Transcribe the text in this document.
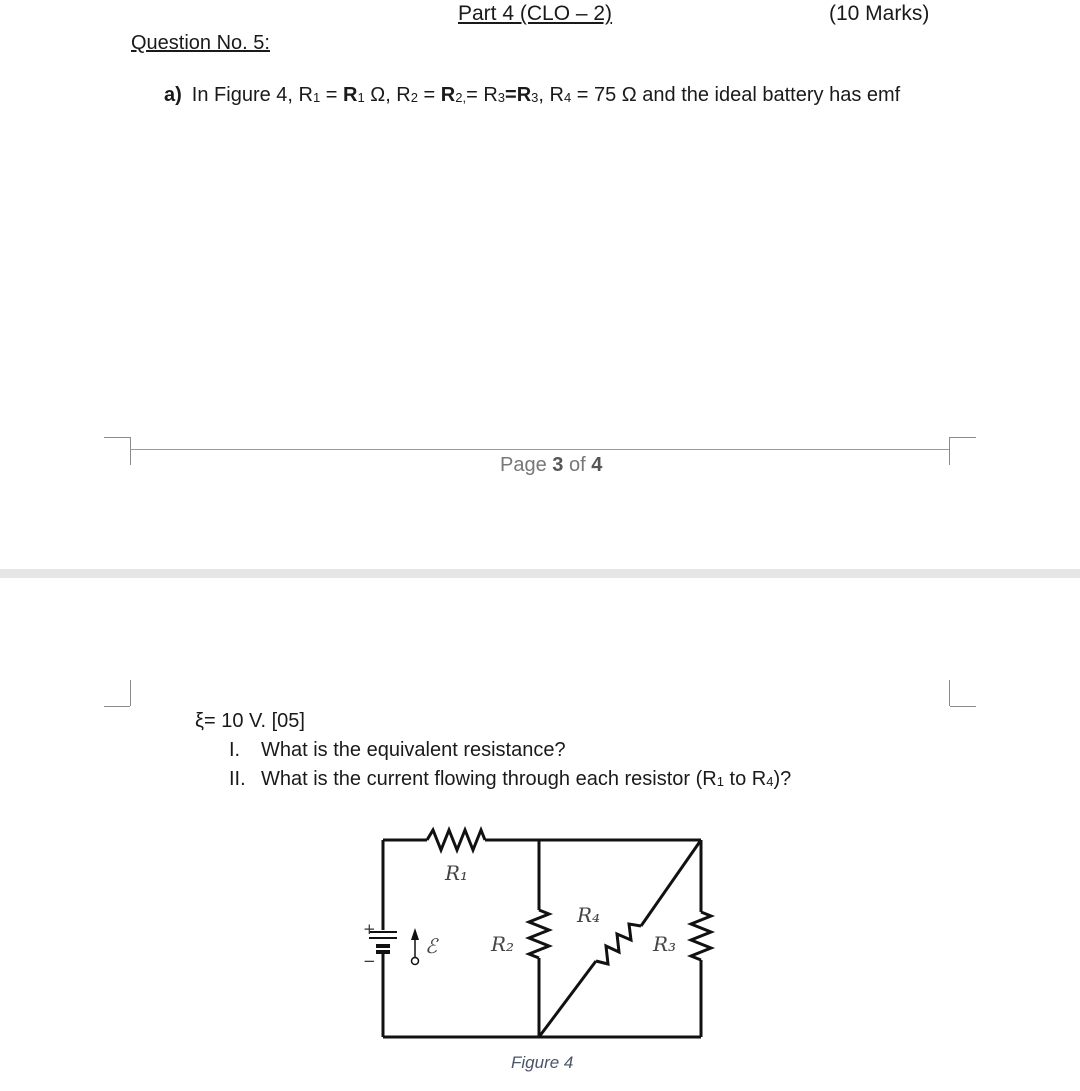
Part 4 (CLO – 2)	(10 Marks)
Question No. 5:
a) In Figure 4, $R_1 = R_1$ Ω, $R_2 = R_{2,}= R_3=R_3$, $R_4 = 75$ Ω and the ideal battery has emf
Page 3 of 4
ξ= 10 V. [05]
I. What is the equivalent resistance?
II. What is the current flowing through each resistor ($R_1$ to $R_4$)?
+
−
ℰ
R₁
R₂
R₄
R₃
Figure 4
